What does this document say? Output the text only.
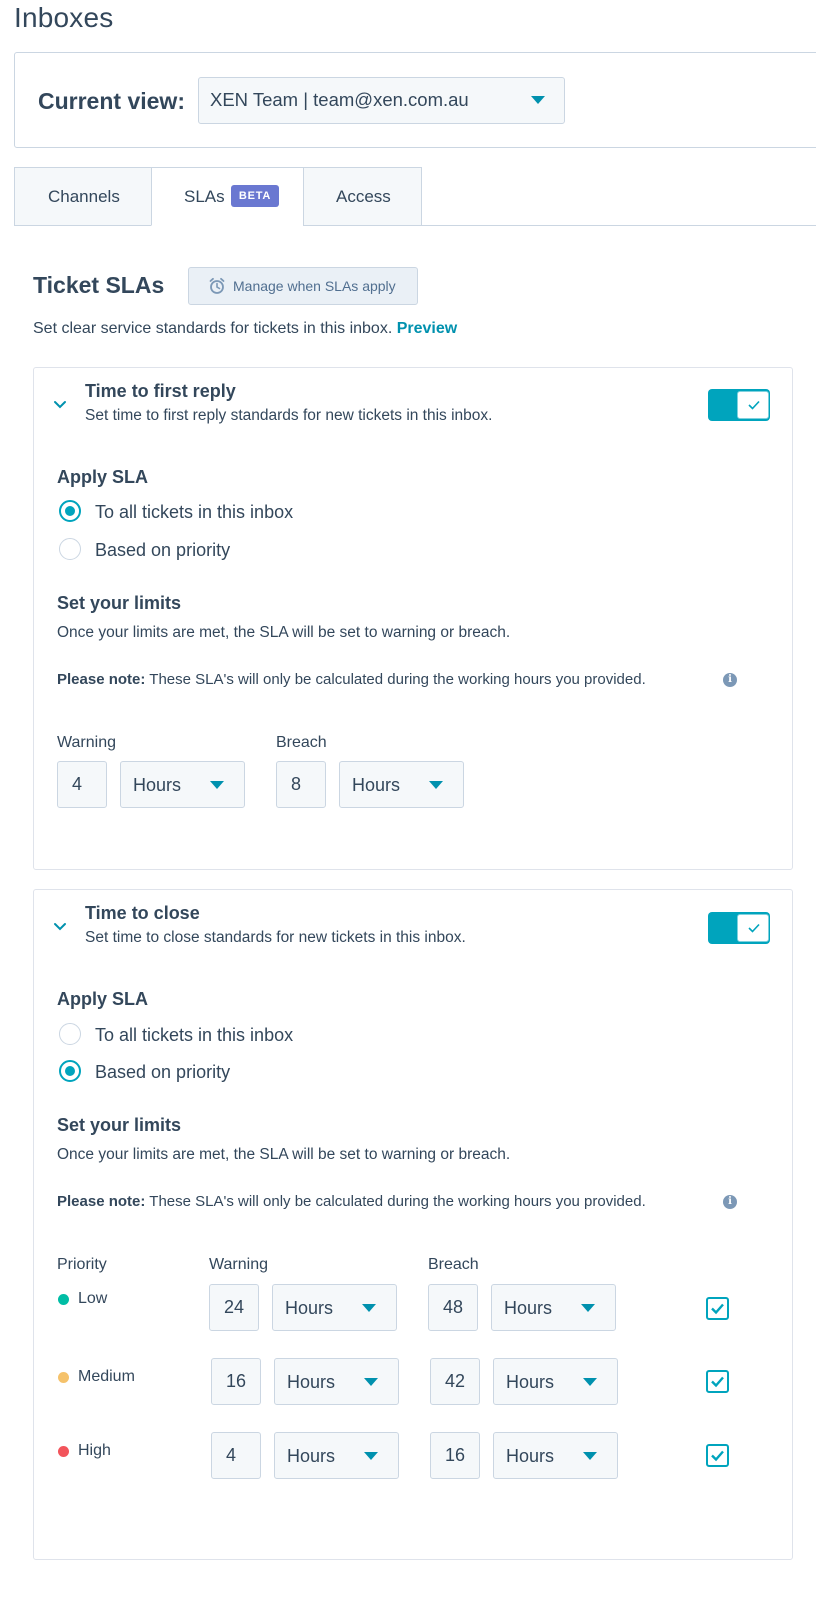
Inboxes
Current view: XEN Team | team@xen.com.au
Channels	SLAs	BETA	Access
Ticket SLAs	Manage when SLAs apply
Set clear service standards for tickets in this inbox. Preview
Time to first reply
Set time to first reply standards for new tickets in this inbox.
Apply SLA
To all tickets in this inbox
Based on priority
Set your limits
Once your limits are met, the SLA will be set to warning or breach.
Please note: These SLA's will only be calculated during the working hours you provided.	i
Warning	Breach
4	Hours	8	Hours
Time to close
Set time to close standards for new tickets in this inbox.
Apply SLA
To all tickets in this inbox
Based on priority
Set your limits
Once your limits are met, the SLA will be set to warning or breach.
Please note: These SLA's will only be calculated during the working hours you provided.	i
Priority	Warning	Breach
Low	24	Hours	48	Hours
Medium	16	Hours	42	Hours
High	4	Hours	16	Hours
